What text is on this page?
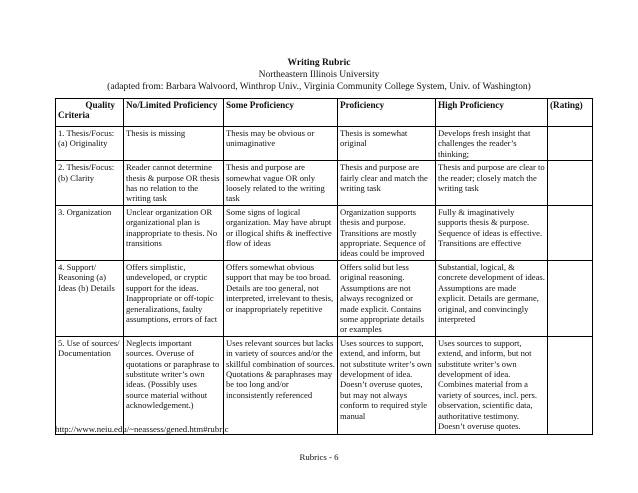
Writing Rubric
Northeastern Illinois University
(adapted from: Barbara Walvoord, Winthrop Univ., Virginia Community College System, Univ. of Washington)
Quality
Criteria	No/Limited Proficiency	Some Proficiency	Proficiency	High Proficiency	(Rating)
1. Thesis/Focus: (a) Originality	Thesis is missing	Thesis may be obvious or unimaginative	Thesis is somewhat original	Develops fresh insight that challenges the reader’s thinking;	
2. Thesis/Focus: (b) Clarity	Reader cannot determine thesis & purpose OR thesis has no relation to the writing task	Thesis and purpose are somewhat vague OR only loosely related to the writing task	Thesis and purpose are fairly clear and match the writing task	Thesis and purpose are clear to the reader; closely match the writing task	
3. Organization	Unclear organization OR organizational plan is inappropriate to thesis. No transitions	Some signs of logical organization. May have abrupt or illogical shifts & ineffective flow of ideas	Organization supports thesis and purpose. Transitions are mostly appropriate. Sequence of ideas could be improved	Fully & imaginatively supports thesis & purpose. Sequence of ideas is effective. Transitions are effective	
4. Support/ Reasoning (a) Ideas (b) Details	Offers simplistic, undeveloped, or cryptic support for the ideas. Inappropriate or off-topic generalizations, faulty assumptions, errors of fact	Offers somewhat obvious support that may be too broad. Details are too general, not interpreted, irrelevant to thesis, or inappropriately repetitive	Offers solid but less original reasoning. Assumptions are not always recognized or made explicit. Contains some appropriate details or examples	Substantial, logical, & concrete development of ideas. Assumptions are made explicit. Details are germane, original, and convincingly interpreted	
5. Use of sources/ Documentation	Neglects important sources. Overuse of quotations or paraphrase to substitute writer’s own ideas. (Possibly uses source material without acknowledgement.)	Uses relevant sources but lacks in variety of sources and/or the skillful combination of sources. Quotations & paraphrases may be too long and/or inconsistently referenced	Uses sources to support, extend, and inform, but not substitute writer’s own development of idea. Doesn’t overuse quotes, but may not always conform to required style manual	Uses sources to support, extend, and inform, but not substitute writer’s own development of idea. Combines material from a variety of sources, incl. pers. observation, scientific data, authoritative testimony. Doesn’t overuse quotes.	
http://www.neiu.edu/~neassess/gened.htm#rubric
Rubrics - 6
